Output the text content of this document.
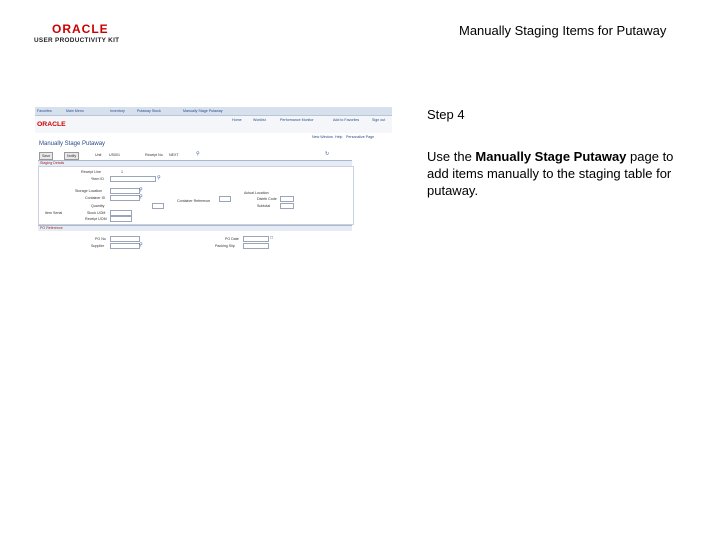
ORACLE
USER PRODUCTIVITY KIT
Manually Staging Items for Putaway
Favorites	Main Menu	Inventory	Putaway Stock	Manually Stage Putaway
ORACLE
Home	Worklist	Performance Monitor	Add to Favorites	Sign out
New Window Help Personalize Page
Manually Stage Putaway
Unit US001	Receipt No NEXT	⚲	↻
Staging Details
Receipt Line	1
*Item ID	⚲
Storage Location	⚲
Container ID	⚲
Quantity
Item Serial	Stock UOM
Receipt UOM
Container Reference
Actual Location
Distrib Code
Subtotal
PO Reference
PO No
Supplier	⚲
PO Date	□
Packing Slip
Save	Notify
Step 4
Use the Manually Stage Putaway page to add items manually to the staging table for putaway.
